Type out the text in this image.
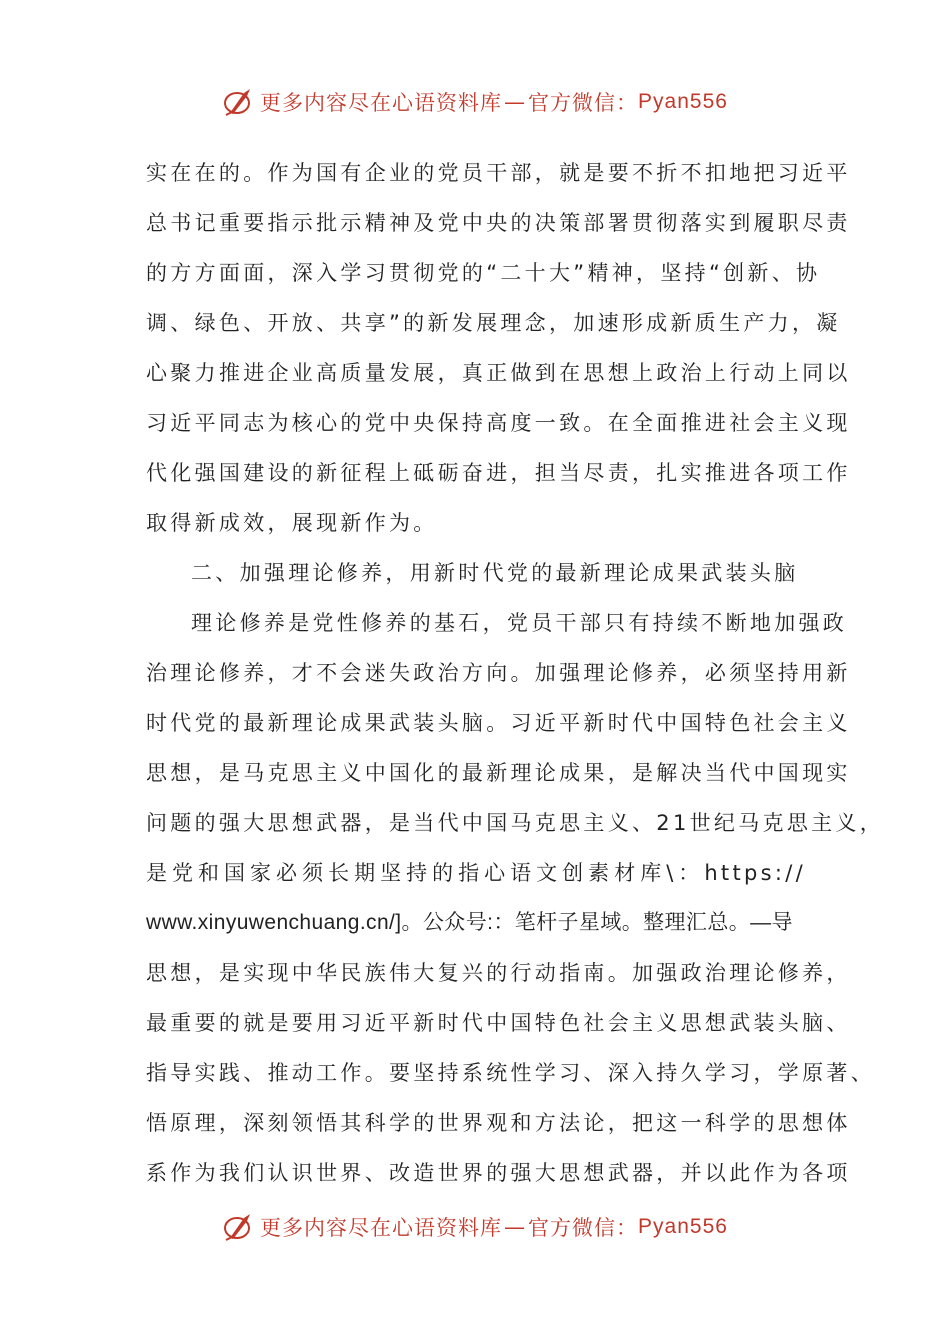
更多内容尽在心语资料库 — 官方微信： Pyan556
实在在的。作为国有企业的党员干部，就是要不折不扣地把习近平
总书记重要指示批示精神及党中央的决策部署贯彻落实到履职尽责
的方方面面，深入学习贯彻党的“二十大”精神，坚持“创新、协
调、绿色、开放、共享”的新发展理念，加速形成新质生产力，凝
心聚力推进企业高质量发展，真正做到在思想上政治上行动上同以
习近平同志为核心的党中央保持高度一致。在全面推进社会主义现
代化强国建设的新征程上砥砺奋进，担当尽责，扎实推进各项工作
取得新成效，展现新作为。
二、加强理论修养，用新时代党的最新理论成果武装头脑
理论修养是党性修养的基石，党员干部只有持续不断地加强政
治理论修养，才不会迷失政治方向。加强理论修养，必须坚持用新
时代党的最新理论成果武装头脑。习近平新时代中国特色社会主义
思想，是马克思主义中国化的最新理论成果，是解决当代中国现实
问题的强大思想武器，是当代中国马克思主义、21世纪马克思主义，
是党和国家必须长期坚持的指心语文创素材库\：https://
www.xinyuwenchuang.cn/]。公众号:：笔杆子星域。整理汇总。—导
思想，是实现中华民族伟大复兴的行动指南。加强政治理论修养，
最重要的就是要用习近平新时代中国特色社会主义思想武装头脑、
指导实践、推动工作。要坚持系统性学习、深入持久学习，学原著、
悟原理，深刻领悟其科学的世界观和方法论，把这一科学的思想体
系作为我们认识世界、改造世界的强大思想武器，并以此作为各项
更多内容尽在心语资料库 — 官方微信： Pyan556
